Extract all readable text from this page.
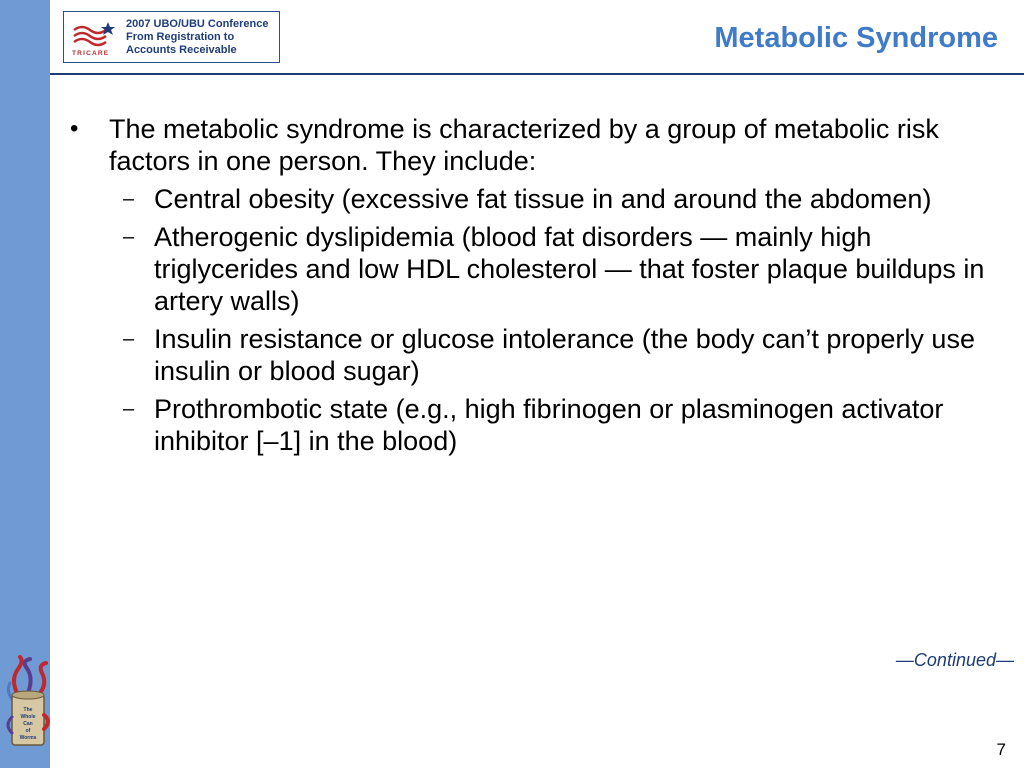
TRICARE
2007 UBO/UBU Conference
From Registration to
Accounts Receivable	Metabolic Syndrome
• The metabolic syndrome is characterized by a group of metabolic risk factors in one person. They include:
– Central obesity (excessive fat tissue in and around the abdomen)
– Atherogenic dyslipidemia (blood fat disorders — mainly high triglycerides and low HDL cholesterol — that foster plaque buildups in artery walls)
– Insulin resistance or glucose intolerance (the body can’t properly use insulin or blood sugar)
– Prothrombotic state (e.g., high fibrinogen or plasminogen activator inhibitor [–1] in the blood)
—Continued—
The
Whole
Can
of
Worms
7
